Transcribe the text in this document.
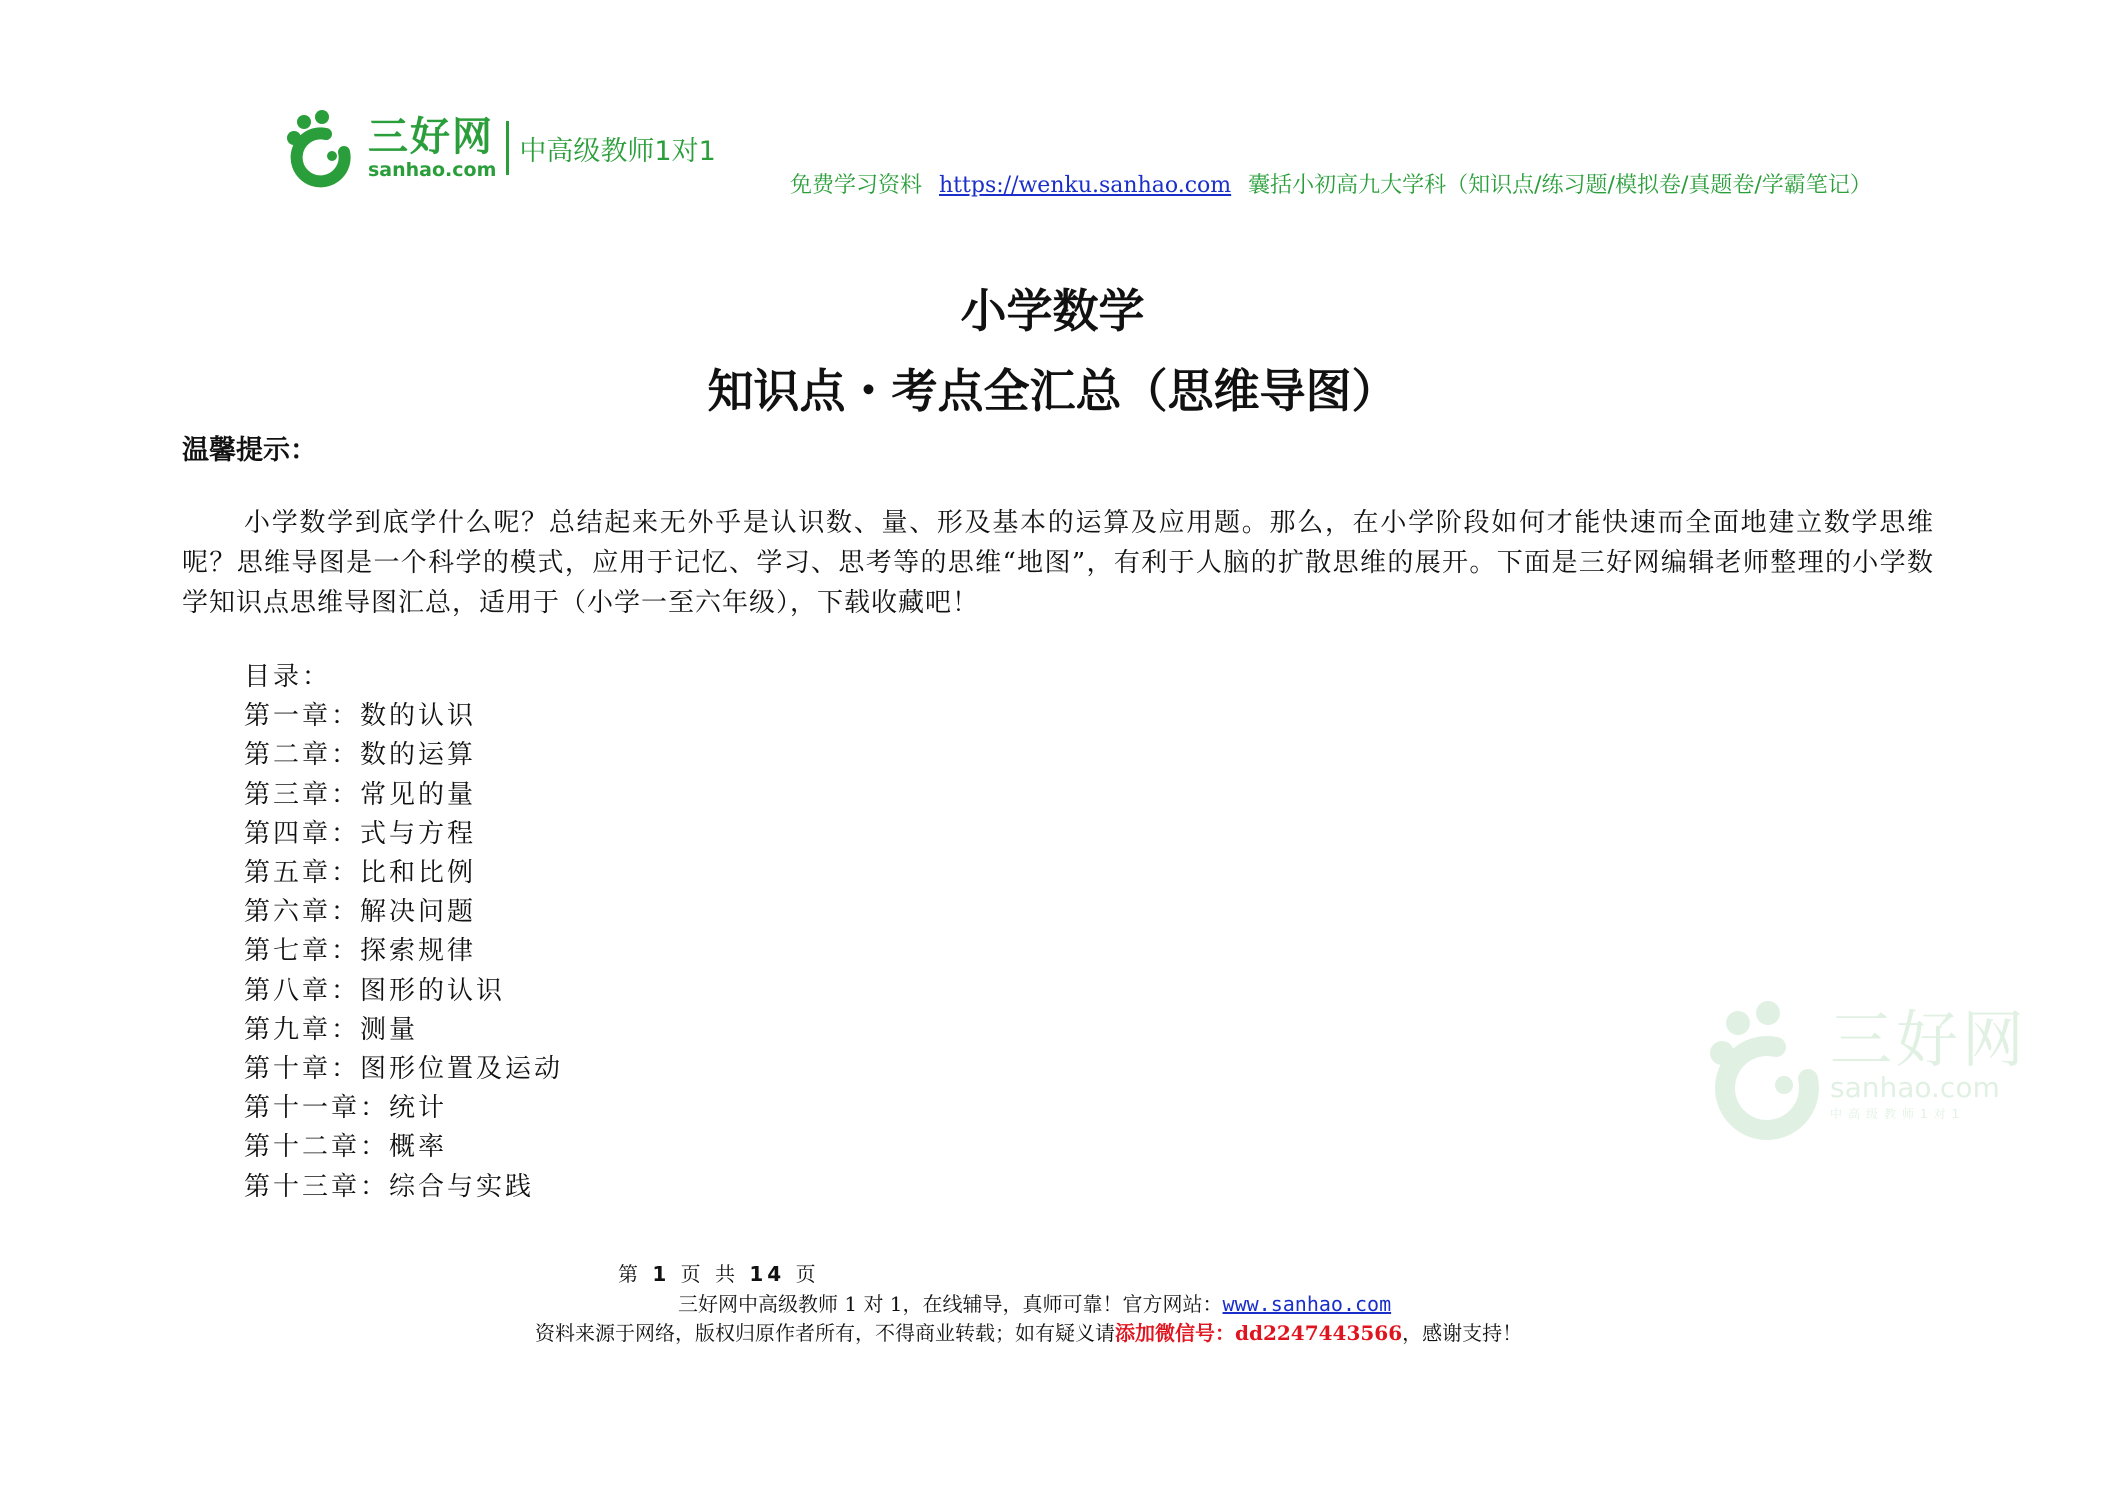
三好网
sanhao.com
中高级教师1对1
免费学习资料 https://wenku.sanhao.com 囊括小初高九大学科（知识点/练习题/模拟卷/真题卷/学霸笔记）
小学数学
知识点・考点全汇总（思维导图）
温馨提示：
小学数学到底学什么呢？总结起来无外乎是认识数、量、形及基本的运算及应用题。那么，在小学阶段如何才能快速而全面地建立数学思维呢？思维导图是一个科学的模式，应用于记忆、学习、思考等的思维“地图”，有利于人脑的扩散思维的展开。下面是三好网编辑老师整理的小学数学知识点思维导图汇总，适用于（小学一至六年级），下载收藏吧！
目录：
第一章：数的认识
第二章：数的运算
第三章：常见的量
第四章：式与方程
第五章：比和比例
第六章：解决问题
第七章：探索规律
第八章：图形的认识
第九章：测量
第十章：图形位置及运动
第十一章：统计
第十二章：概率
第十三章：综合与实践
三好网
sanhao.com
中高级教师1对1
第 1 页 共 14 页
三好网中高级教师 1 对 1，在线辅导，真师可靠！官方网站：www.sanhao.com
资料来源于网络，版权归原作者所有，不得商业转载；如有疑义请添加微信号：dd2247443566，感谢支持！
